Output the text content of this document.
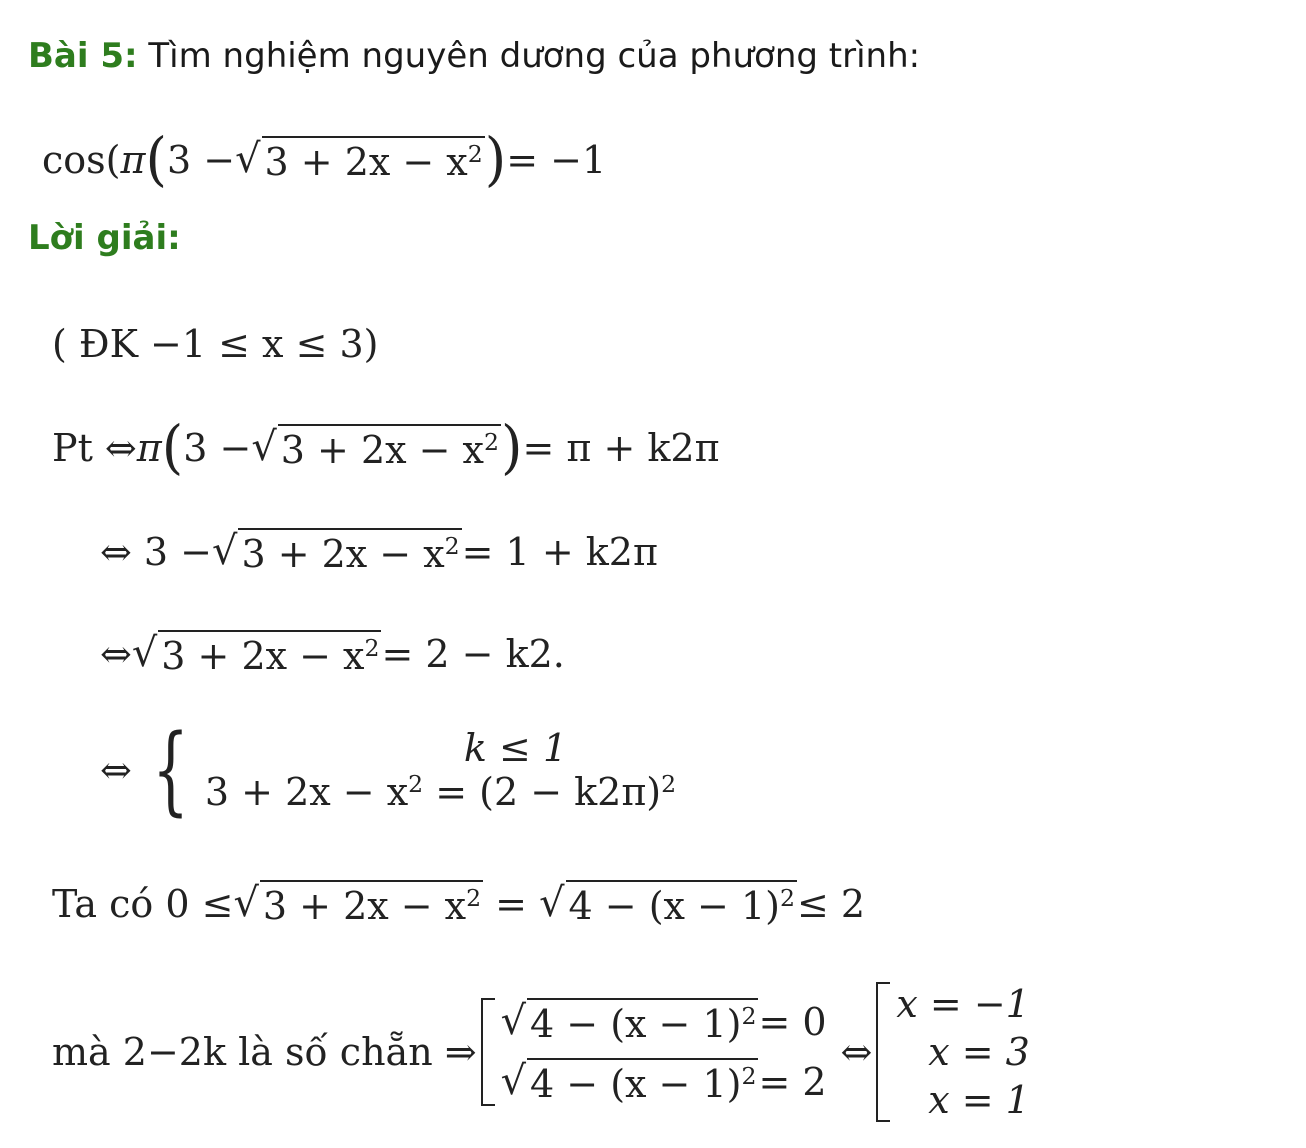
Bài 5: Tìm nghiệm nguyên dương của phương trình:
cos( π ( 3 − √ $3 + 2x - x^2$ ) = −1
Lời giải:
( ĐK −1 ≤ x ≤ 3)
Pt ⇔ π ( 3 − √ $3 + 2x - x^2$ ) = π + k2π
⇔ 3 − √ $3 + 2x - x^2 = 1 + k2\pi$
⇔ √ $3 + 2x - x^2 = 2 - k2$.
⇔ {	k ≤ 1
$3 + 2x - x^2 = (2 - k2\pi)^2$
Ta có 0 ≤ √ $3 + 2x - x^2$ = √ $4 - (x - 1)^2 \le 2$
mà 2−2k là số chẵn ⇒
√ $4 - (x - 1)^2 = 0$
√ $4 - (x - 1)^2 = 2$
⇔
x = −1
x = 3
x = 1
